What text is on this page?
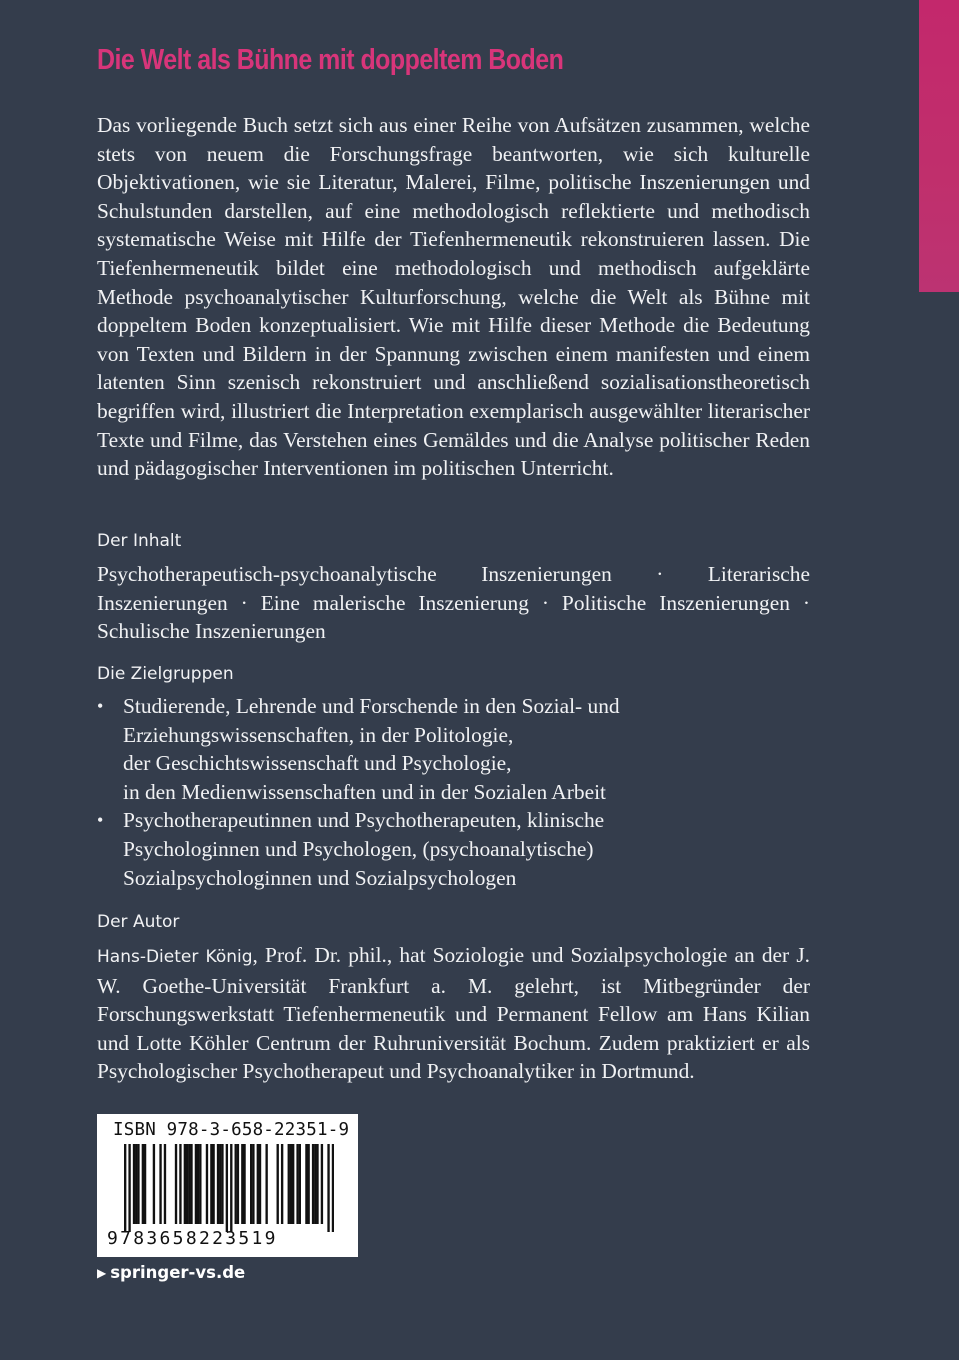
Die Welt als Bühne mit doppeltem Boden

Das vorliegende Buch setzt sich aus einer Reihe von Aufsätzen zusammen, welche stets von neuem die Forschungsfrage beantworten, wie sich kulturelle Objektivationen, wie sie Literatur, Malerei, Filme, politische Inszenierungen und Schulstunden darstellen, auf eine methodologisch reflektierte und methodisch systematische Weise mit Hilfe der Tiefenhermeneutik rekonstruieren lassen. Die Tiefenhermeneutik bildet eine methodologisch und methodisch aufgeklärte Methode psychoanalytischer Kulturforschung, welche die Welt als Bühne mit doppeltem Boden konzeptualisiert. Wie mit Hilfe dieser Methode die Bedeutung von Texten und Bildern in der Spannung zwischen einem manifesten und einem latenten Sinn szenisch rekonstruiert und anschließend sozialisationstheoretisch begriffen wird, illustriert die Interpretation exemplarisch ausgewählter literarischer Texte und Filme, das Verstehen eines Gemäldes und die Analyse politischer Reden und pädagogischer Interventionen im politischen Unterricht.

Der Inhalt

Psychotherapeutisch-psychoanalytische Inszenierungen · Literarische Inszenierungen · Eine malerische Inszenierung · Politische Inszenierungen · Schulische Inszenierungen

Die Zielgruppen
• Studierende, Lehrende und Forschende in den Sozial- und
Erziehungswissenschaften, in der Politologie,
der Geschichtswissenschaft und Psychologie,
in den Medienwissenschaften und in der Sozialen Arbeit
• Psychotherapeutinnen und Psychotherapeuten, klinische
Psychologinnen und Psychologen, (psychoanalytische)
Sozialpsychologinnen und Sozialpsychologen
Der Autor

Hans-Dieter König, Prof. Dr. phil., hat Soziologie und Sozialpsychologie an der J. W. Goethe-Universität Frankfurt a. M. gelehrt, ist Mitbegründer der Forschungswerkstatt Tiefenhermeneutik und Permanent Fellow am Hans Kilian und Lotte Köhler Centrum der Ruhruniversität Bochum. Zudem praktiziert er als Psychologischer Psychotherapeut und Psychoanalytiker in Dortmund.

ISBN 978-3-658-22351-9
9783658223519
▶ springer-vs.de
